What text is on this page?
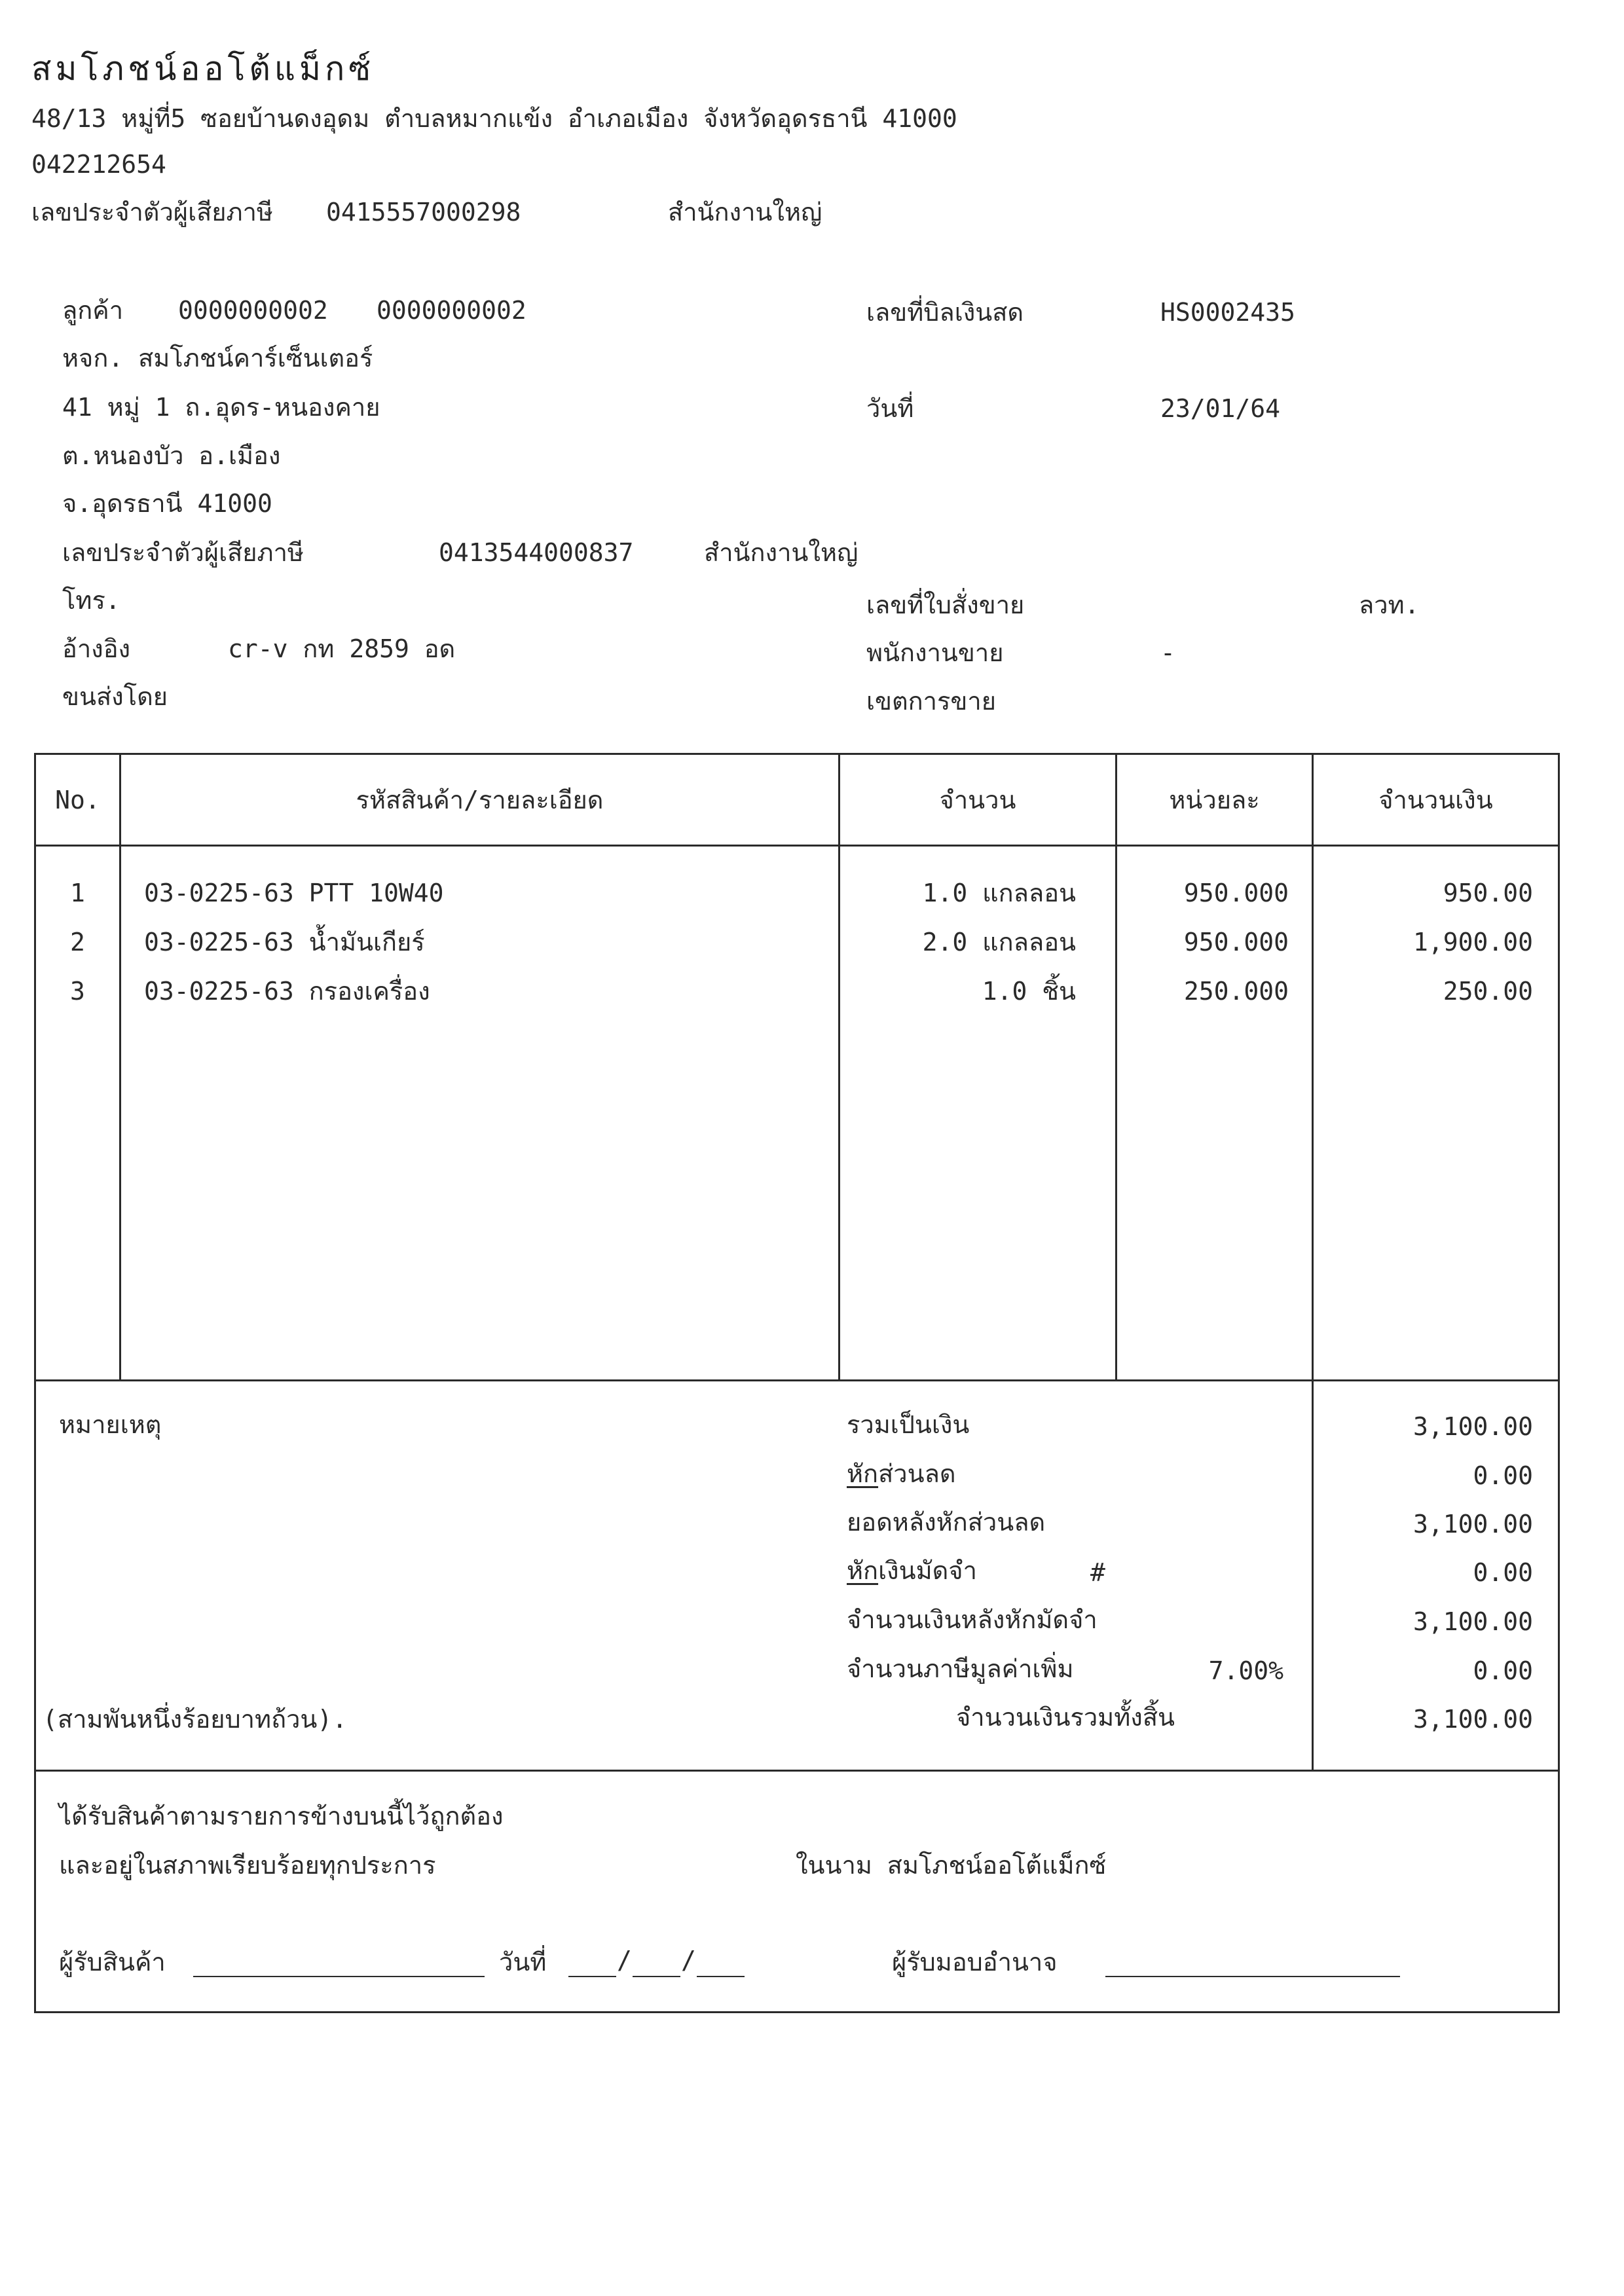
สมโภชน์ออโต้แม็กซ์
48/13 หมู่ที่5 ซอยบ้านดงอุดม ตำบลหมากแข้ง อำเภอเมือง จังหวัดอุดรธานี 41000
042212654
เลขประจำตัวผู้เสียภาษี 0415557000298	สำนักงานใหญ่
ลูกค้า 0000000002 0000000002
หจก. สมโภชน์คาร์เซ็นเตอร์
41 หมู่ 1 ถ.อุดร-หนองคาย
ต.หนองบัว อ.เมือง
จ.อุดรธานี 41000
เลขประจำตัวผู้เสียภาษี	0413544000837	สำนักงานใหญ่
โทร.
อ้างอิง	cr-v กท 2859 อด
ขนส่งโดย
เลขที่บิลเงินสด	HS0002435
วันที่	23/01/64
เลขที่ใบสั่งขาย	ลวท.
พนักงานขาย	-
เขตการขาย
No.	รหัสสินค้า/รายละเอียด	จำนวน	หน่วยละ	จำนวนเงิน
1	03-0225-63 PTT 10W40	1.0 แกลลอน	950.000	950.00
2	03-0225-63 น้ำมันเกียร์	2.0 แกลลอน	950.000	1,900.00
3	03-0225-63 กรองเครื่อง	1.0 ชิ้น	250.000	250.00
หมายเหตุ
(สามพันหนึ่งร้อยบาทถ้วน).
รวมเป็นเงิน	3,100.00
หักส่วนลด	0.00
ยอดหลังหักส่วนลด	3,100.00
หักเงินมัดจำ	#	0.00
จำนวนเงินหลังหักมัดจำ	3,100.00
จำนวนภาษีมูลค่าเพิ่ม	7.00%	0.00
จำนวนเงินรวมทั้งสิ้น	3,100.00
ได้รับสินค้าตามรายการข้างบนนี้ไว้ถูกต้อง
และอยู่ในสภาพเรียบร้อยทุกประการ	ในนาม สมโภชน์ออโต้แม็กซ์
ผู้รับสินค้า	วันที่	/ /	ผู้รับมอบอำนาจ
